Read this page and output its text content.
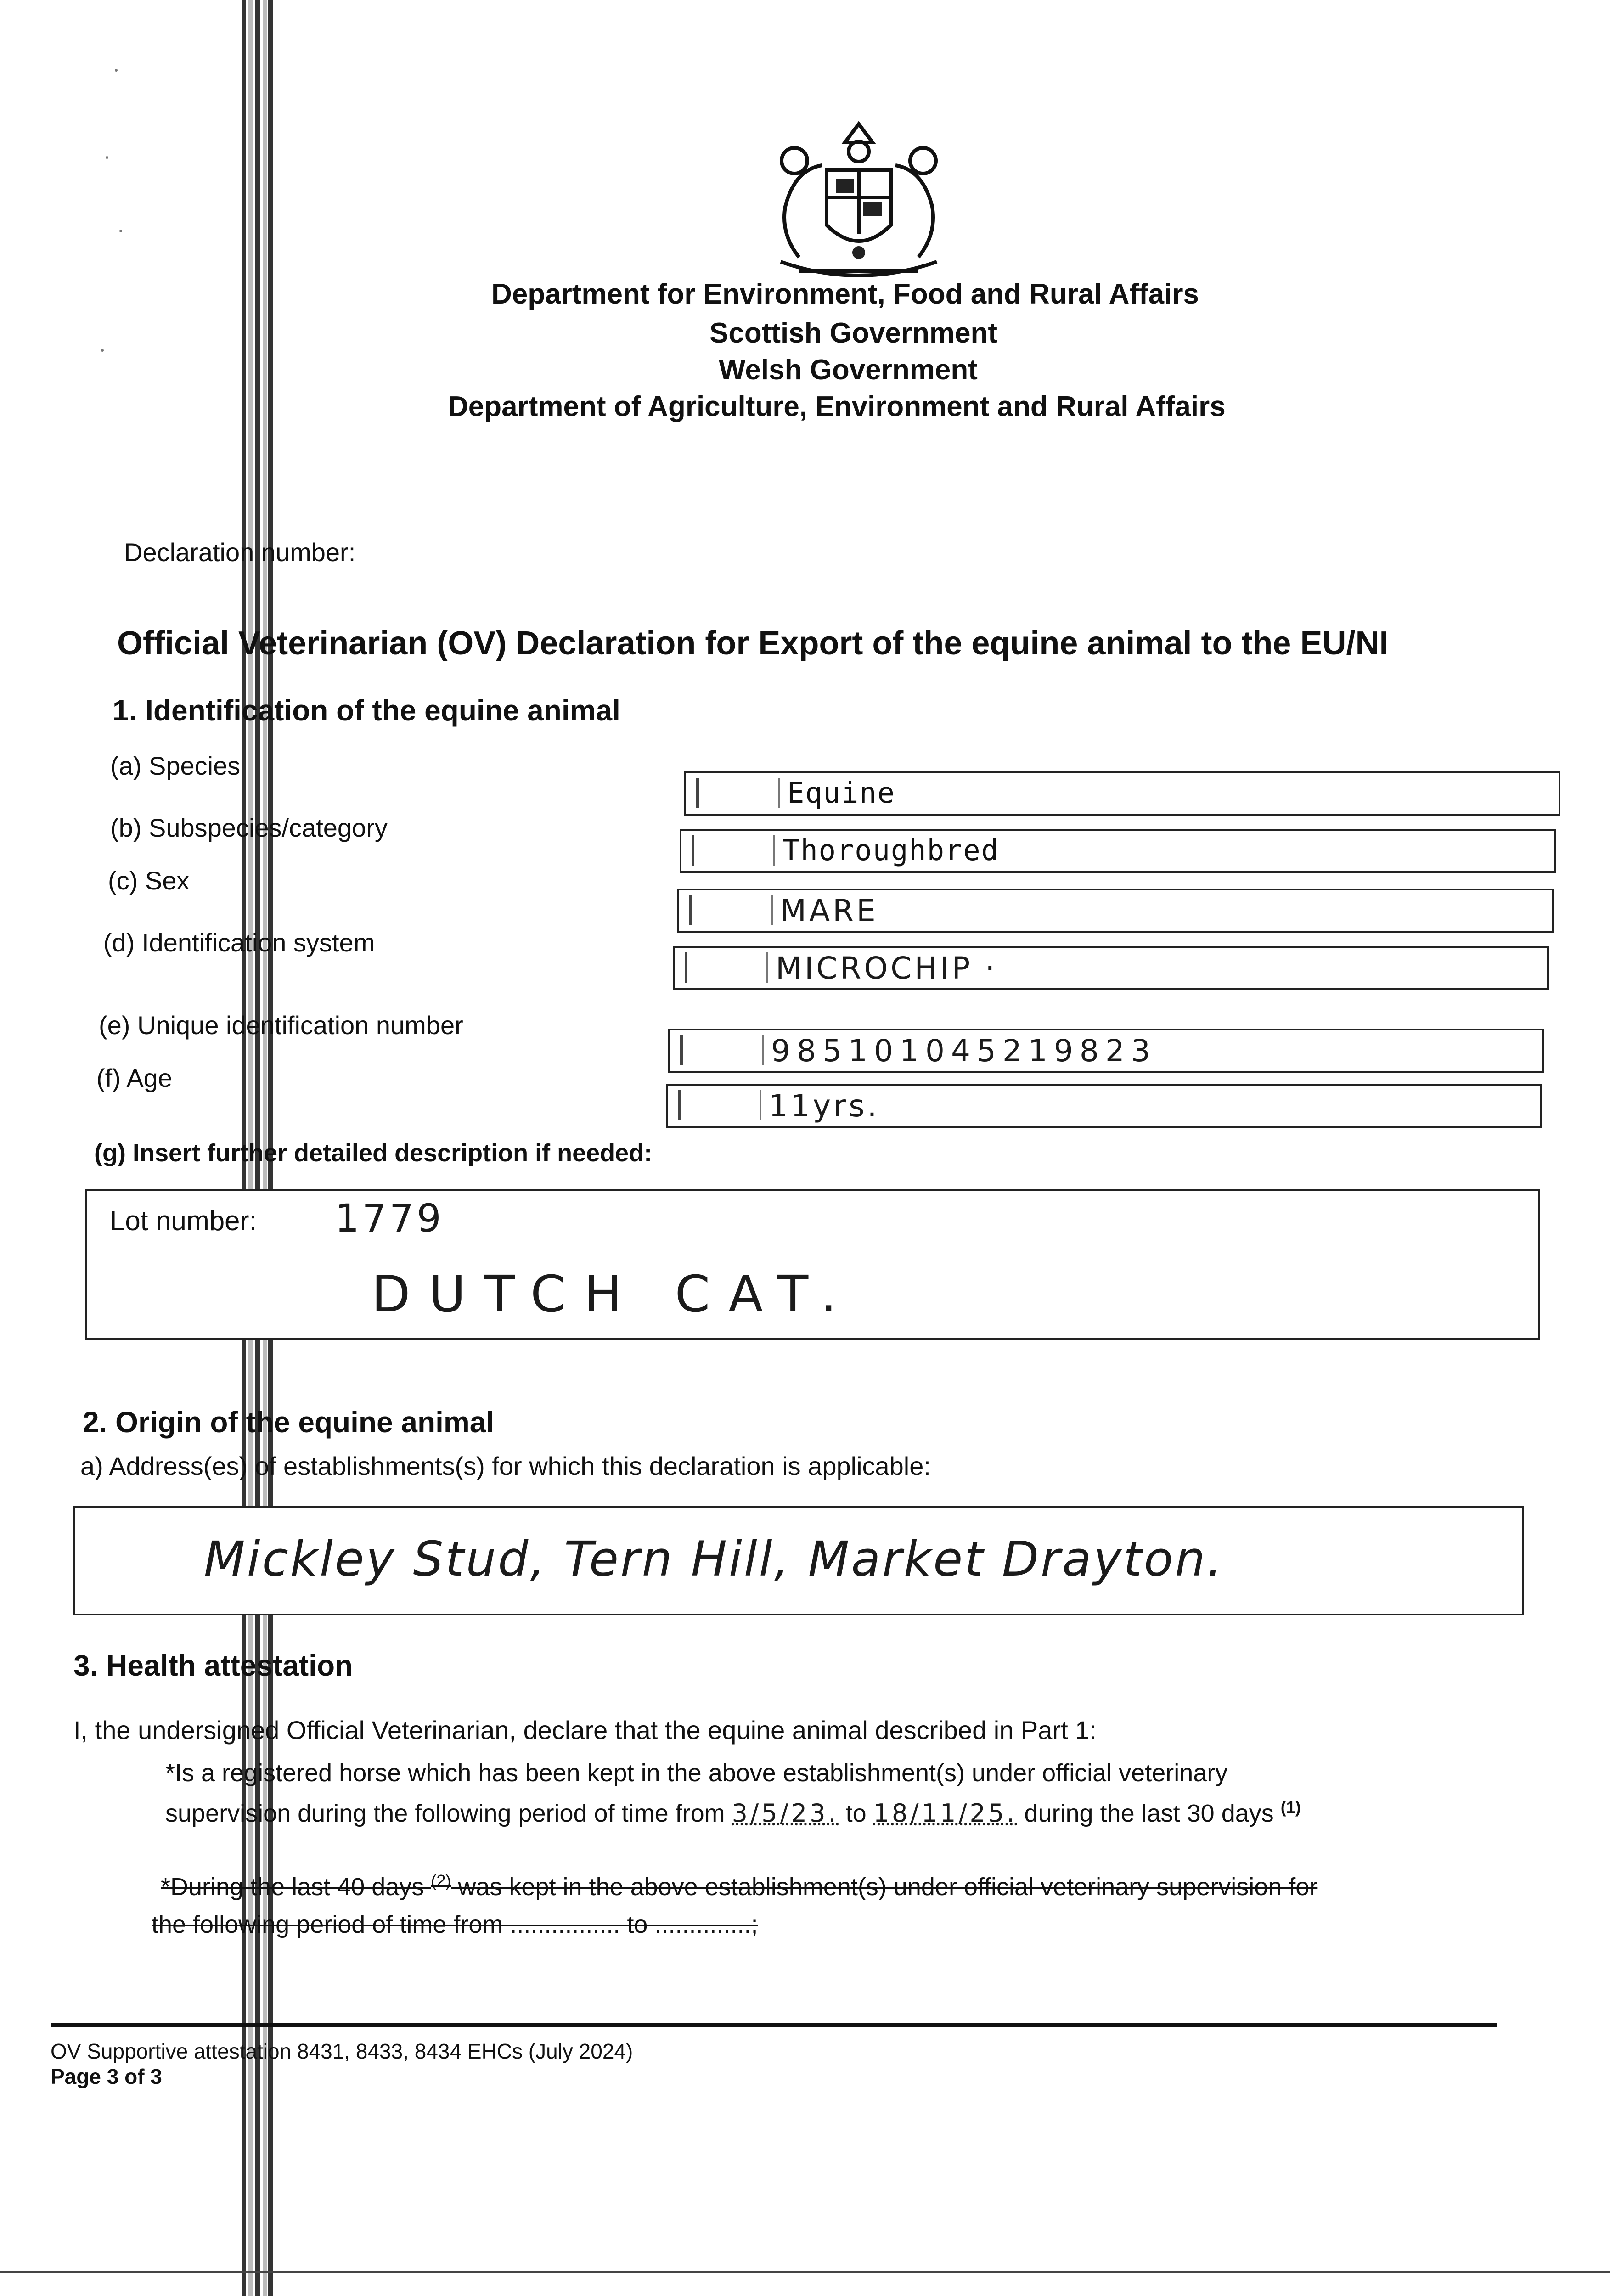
Department for Environment, Food and Rural Affairs
Scottish Government
Welsh Government
Department of Agriculture, Environment and Rural Affairs
Declaration number:
Official Veterinarian (OV) Declaration for Export of the equine animal to the EU/NI
1. Identification of the equine animal
(a) Species
Equine
(b) Subspecies/category
Thoroughbred
(c) Sex
MARE
(d) Identification system
MICROCHIP ·
(e) Unique identification number
985101045219823
(f) Age
11yrs.
(g) Insert further detailed description if needed:
Lot number: 1779
DUTCH CAT.
2. Origin of the equine animal
a) Address(es) of establishments(s) for which this declaration is applicable:
Mickley Stud, Tern Hill, Market Drayton.
3. Health attestation
I, the undersigned Official Veterinarian, declare that the equine animal described in Part 1:
*Is a registered horse which has been kept in the above establishment(s) under official veterinary
supervision during the following period of time from 3/5/23. to 18/11/25. during the last 30 days $^{(1)}$
*During the last 40 days $^{(2)}$ was kept in the above establishment(s) under official veterinary supervision for
the following period of time from ................ to ..............;
OV Supportive attestation 8431, 8433, 8434 EHCs (July 2024)
Page 3 of 3
